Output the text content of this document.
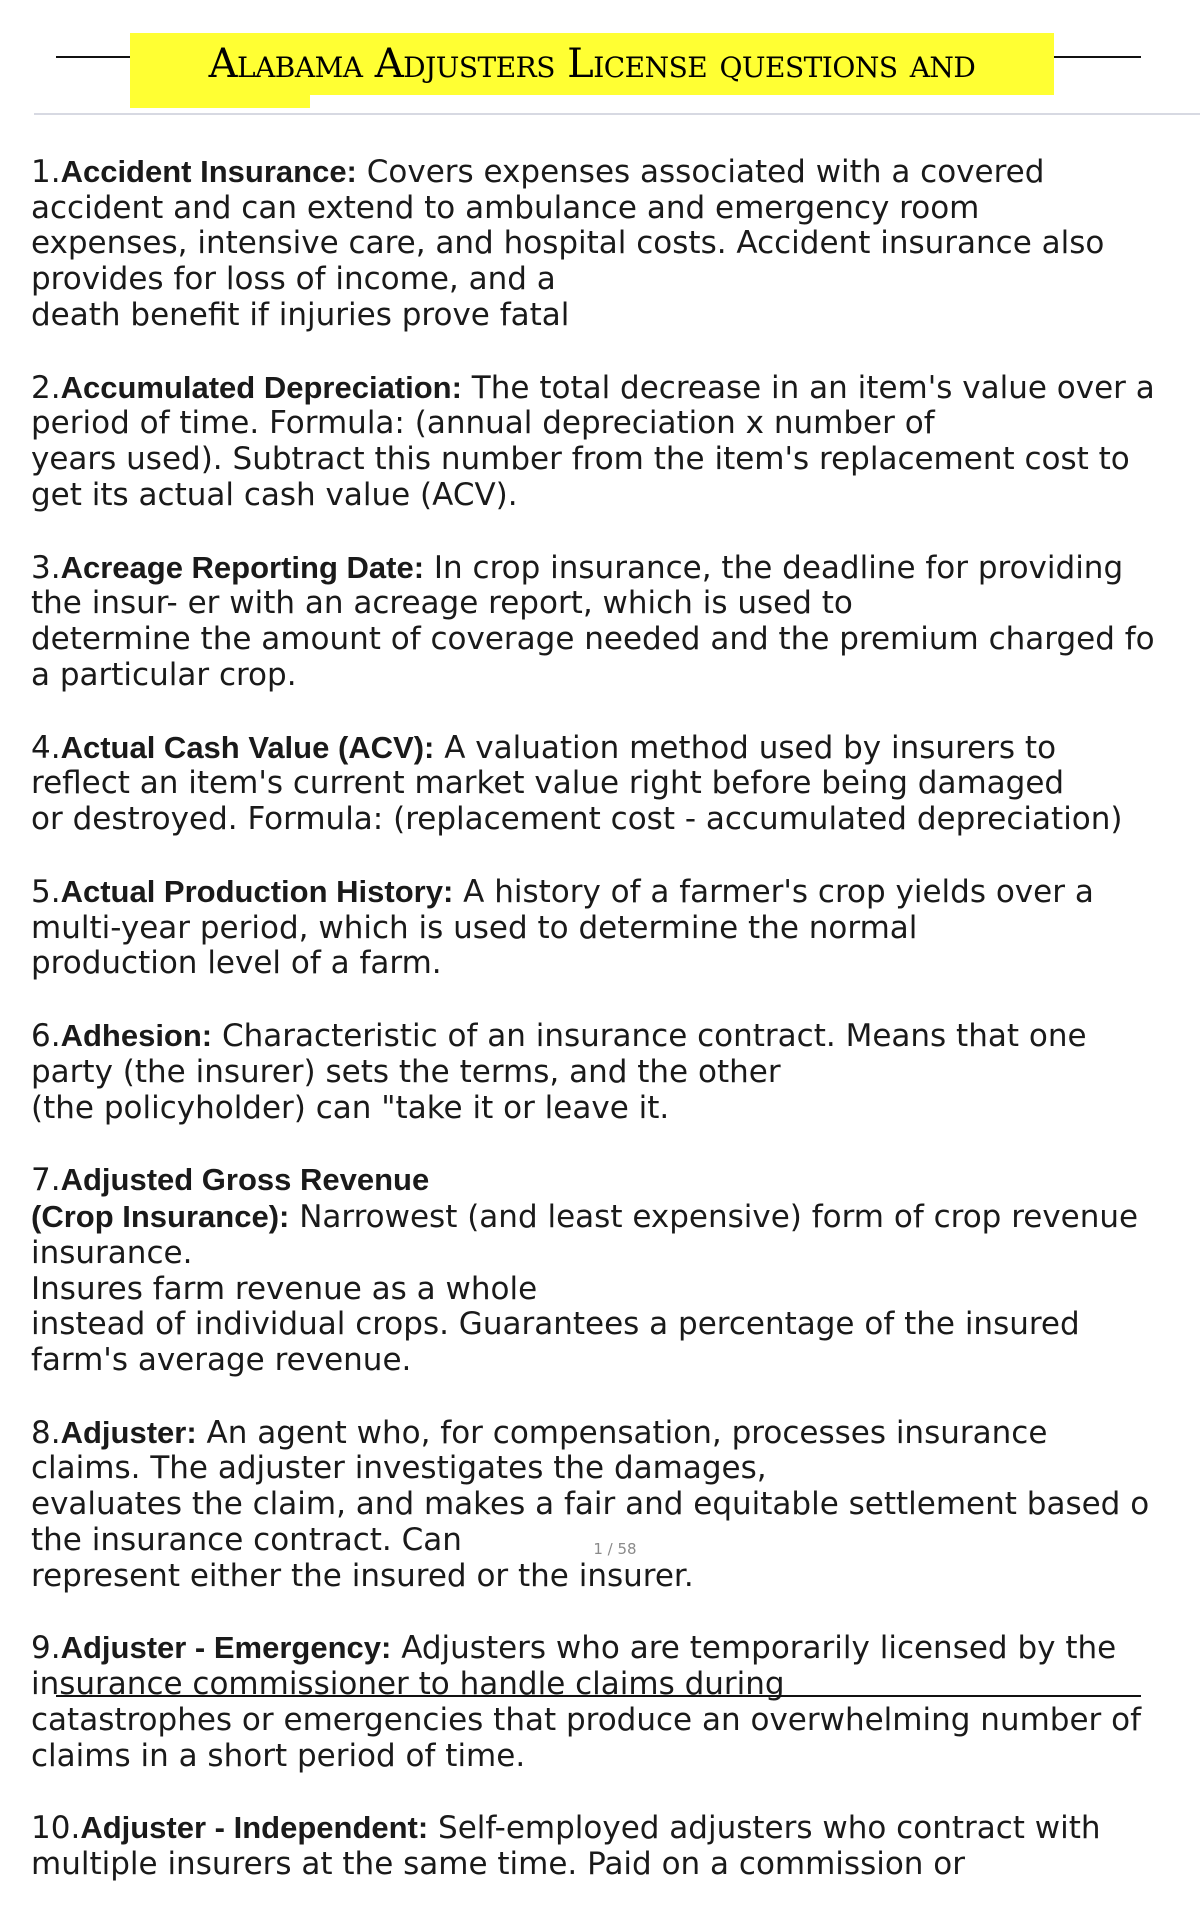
Alabama Adjusters License questions and

1.Accident Insurance: Covers expenses associated with a covered
accident and can extend to ambulance and emergency room
expenses, intensive care, and hospital costs. Accident insurance also
provides for loss of income, and a
death benefit if injuries prove fatal

2.Accumulated Depreciation: The total decrease in an item's value over a
period of time. Formula: (annual depreciation x number of
years used). Subtract this number from the item's replacement cost to
get its actual cash value (ACV).

3.Acreage Reporting Date: In crop insurance, the deadline for providing
the insur- er with an acreage report, which is used to
determine the amount of coverage needed and the premium charged fo
a particular crop.

4.Actual Cash Value (ACV): A valuation method used by insurers to
reflect an item's current market value right before being damaged
or destroyed. Formula: (replacement cost - accumulated depreciation)

5.Actual Production History: A history of a farmer's crop yields over a
multi-year period, which is used to determine the normal
production level of a farm.

6.Adhesion: Characteristic of an insurance contract. Means that one
party (the insurer) sets the terms, and the other
(the policyholder) can "take it or leave it.

7.Adjusted Gross Revenue
(Crop Insurance): Narrowest (and least expensive) form of crop revenue
insurance.
Insures farm revenue as a whole
instead of individual crops. Guarantees a percentage of the insured
farm's average revenue.

8.Adjuster: An agent who, for compensation, processes insurance
claims. The adjuster investigates the damages,
evaluates the claim, and makes a fair and equitable settlement based o
the insurance contract. Can
represent either the insured or the insurer.

9.Adjuster - Emergency: Adjusters who are temporarily licensed by the
insurance commissioner to handle claims during
catastrophes or emergencies that produce an overwhelming number of
claims in a short period of time.

10.Adjuster - Independent: Self-employed adjusters who contract with
multiple insurers at the same time. Paid on a commission or

1 / 58
